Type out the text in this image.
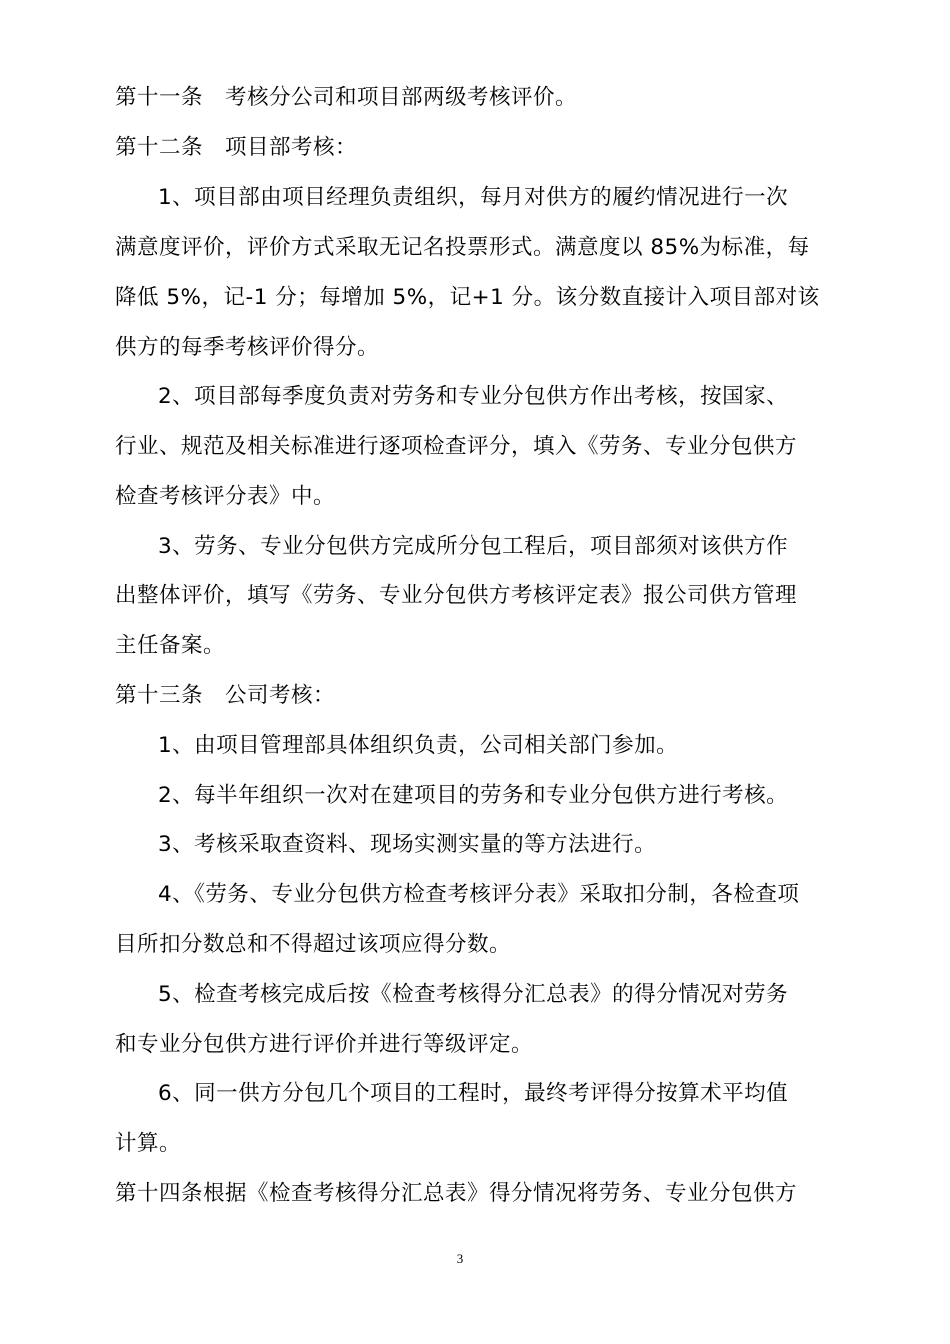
第十一条　考核分公司和项目部两级考核评价。
第十二条　项目部考核：
1、项目部由项目经理负责组织，每月对供方的履约情况进行一次
满意度评价，评价方式采取无记名投票形式。满意度以 85%为标准，每
降低 5%，记-1 分；每增加 5%，记+1 分。该分数直接计入项目部对该
供方的每季考核评价得分。
2、项目部每季度负责对劳务和专业分包供方作出考核，按国家、
行业、规范及相关标准进行逐项检查评分，填入《劳务、专业分包供方
检查考核评分表》中。
3、劳务、专业分包供方完成所分包工程后，项目部须对该供方作
出整体评价，填写《劳务、专业分包供方考核评定表》报公司供方管理
主任备案。
第十三条　公司考核：
1、由项目管理部具体组织负责，公司相关部门参加。
2、每半年组织一次对在建项目的劳务和专业分包供方进行考核。
3、考核采取查资料、现场实测实量的等方法进行。
4、《劳务、专业分包供方检查考核评分表》采取扣分制，各检查项
目所扣分数总和不得超过该项应得分数。
5、检查考核完成后按《检查考核得分汇总表》的得分情况对劳务
和专业分包供方进行评价并进行等级评定。
6、同一供方分包几个项目的工程时，最终考评得分按算术平均值
计算。
第十四条根据《检查考核得分汇总表》得分情况将劳务、专业分包供方
3
